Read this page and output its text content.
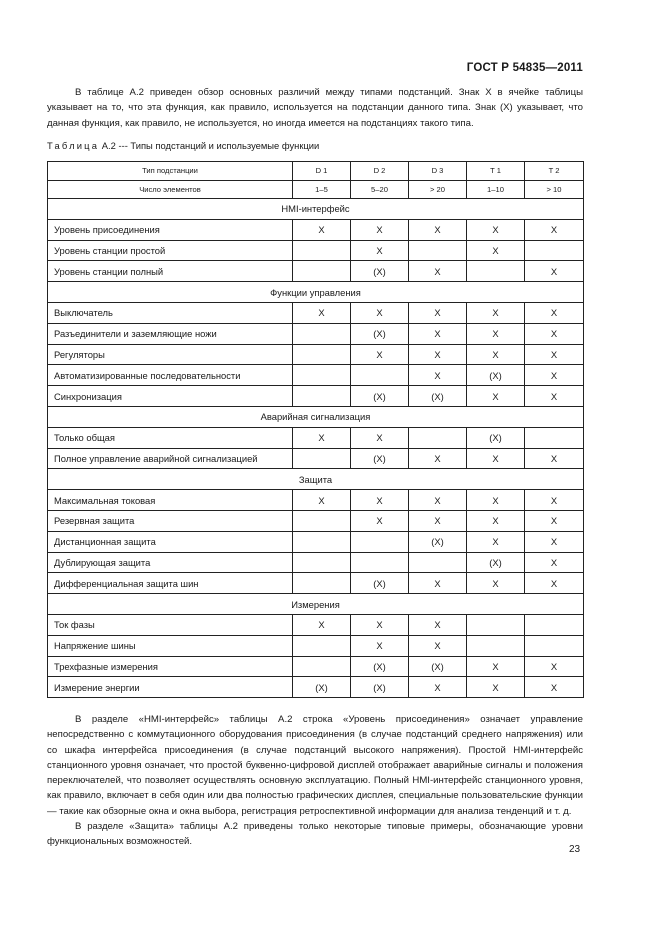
ГОСТ Р 54835—2011
В таблице А.2 приведен обзор основных различий между типами подстанций. Знак X в ячейке таблицы указывает на то, что эта функция, как правило, используется на подстанции данного типа. Знак (X) указывает, что данная функция, как правило, не используется, но иногда имеется на подстанциях такого типа.
Таблица А.2 --- Типы подстанций и используемые функции
Тип подстанции	D 1	D 2	D 3	T 1	T 2
Число элементов	1–5	5–20	> 20	1–10	> 10
HMI-интерфейс					
Уровень присоединения	X	X	X	X	X
Уровень станции простой		X		X	
Уровень станции полный		(X)	X		X
Функции управления					
Выключатель	X	X	X	X	X
Разъединители и заземляющие ножи		(X)	X	X	X
Регуляторы		X	X	X	X
Автоматизированные последовательности			X	(X)	X
Синхронизация		(X)	(X)	X	X
Аварийная сигнализация					
Только общая	X	X		(X)	
Полное управление аварийной сигнализацией		(X)	X	X	X
Защита					
Максимальная токовая	X	X	X	X	X
Резервная защита		X	X	X	X
Дистанционная защита			(X)	X	X
Дублирующая защита				(X)	X
Дифференциальная защита шин		(X)	X	X	X
Измерения					
Ток фазы	X	X	X		
Напряжение шины		X	X		
Трехфазные измерения		(X)	(X)	X	X
Измерение энергии	(X)	(X)	X	X	X
В разделе «HMI-интерфейс» таблицы А.2 строка «Уровень присоединения» означает управление непосредственно с коммутационного оборудования присоединения (в случае подстанций среднего напряжения) или со шкафа интерфейса присоединения (в случае подстанций высокого напряжения). Простой HMI-интерфейс станционного уровня означает, что простой буквенно-цифровой дисплей отображает аварийные сигналы и положения переключателей, что позволяет осуществлять основную эксплуатацию. Полный HMI-интерфейс станционного уровня, как правило, включает в себя один или два полностью графических дисплея, специальные пользовательские функции — такие как обзорные окна и окна выбора, регистрация ретроспективной информации для анализа тенденций и т. д.
В разделе «Защита» таблицы А.2 приведены только некоторые типовые примеры, обозначающие уровни функциональных возможностей.
23
